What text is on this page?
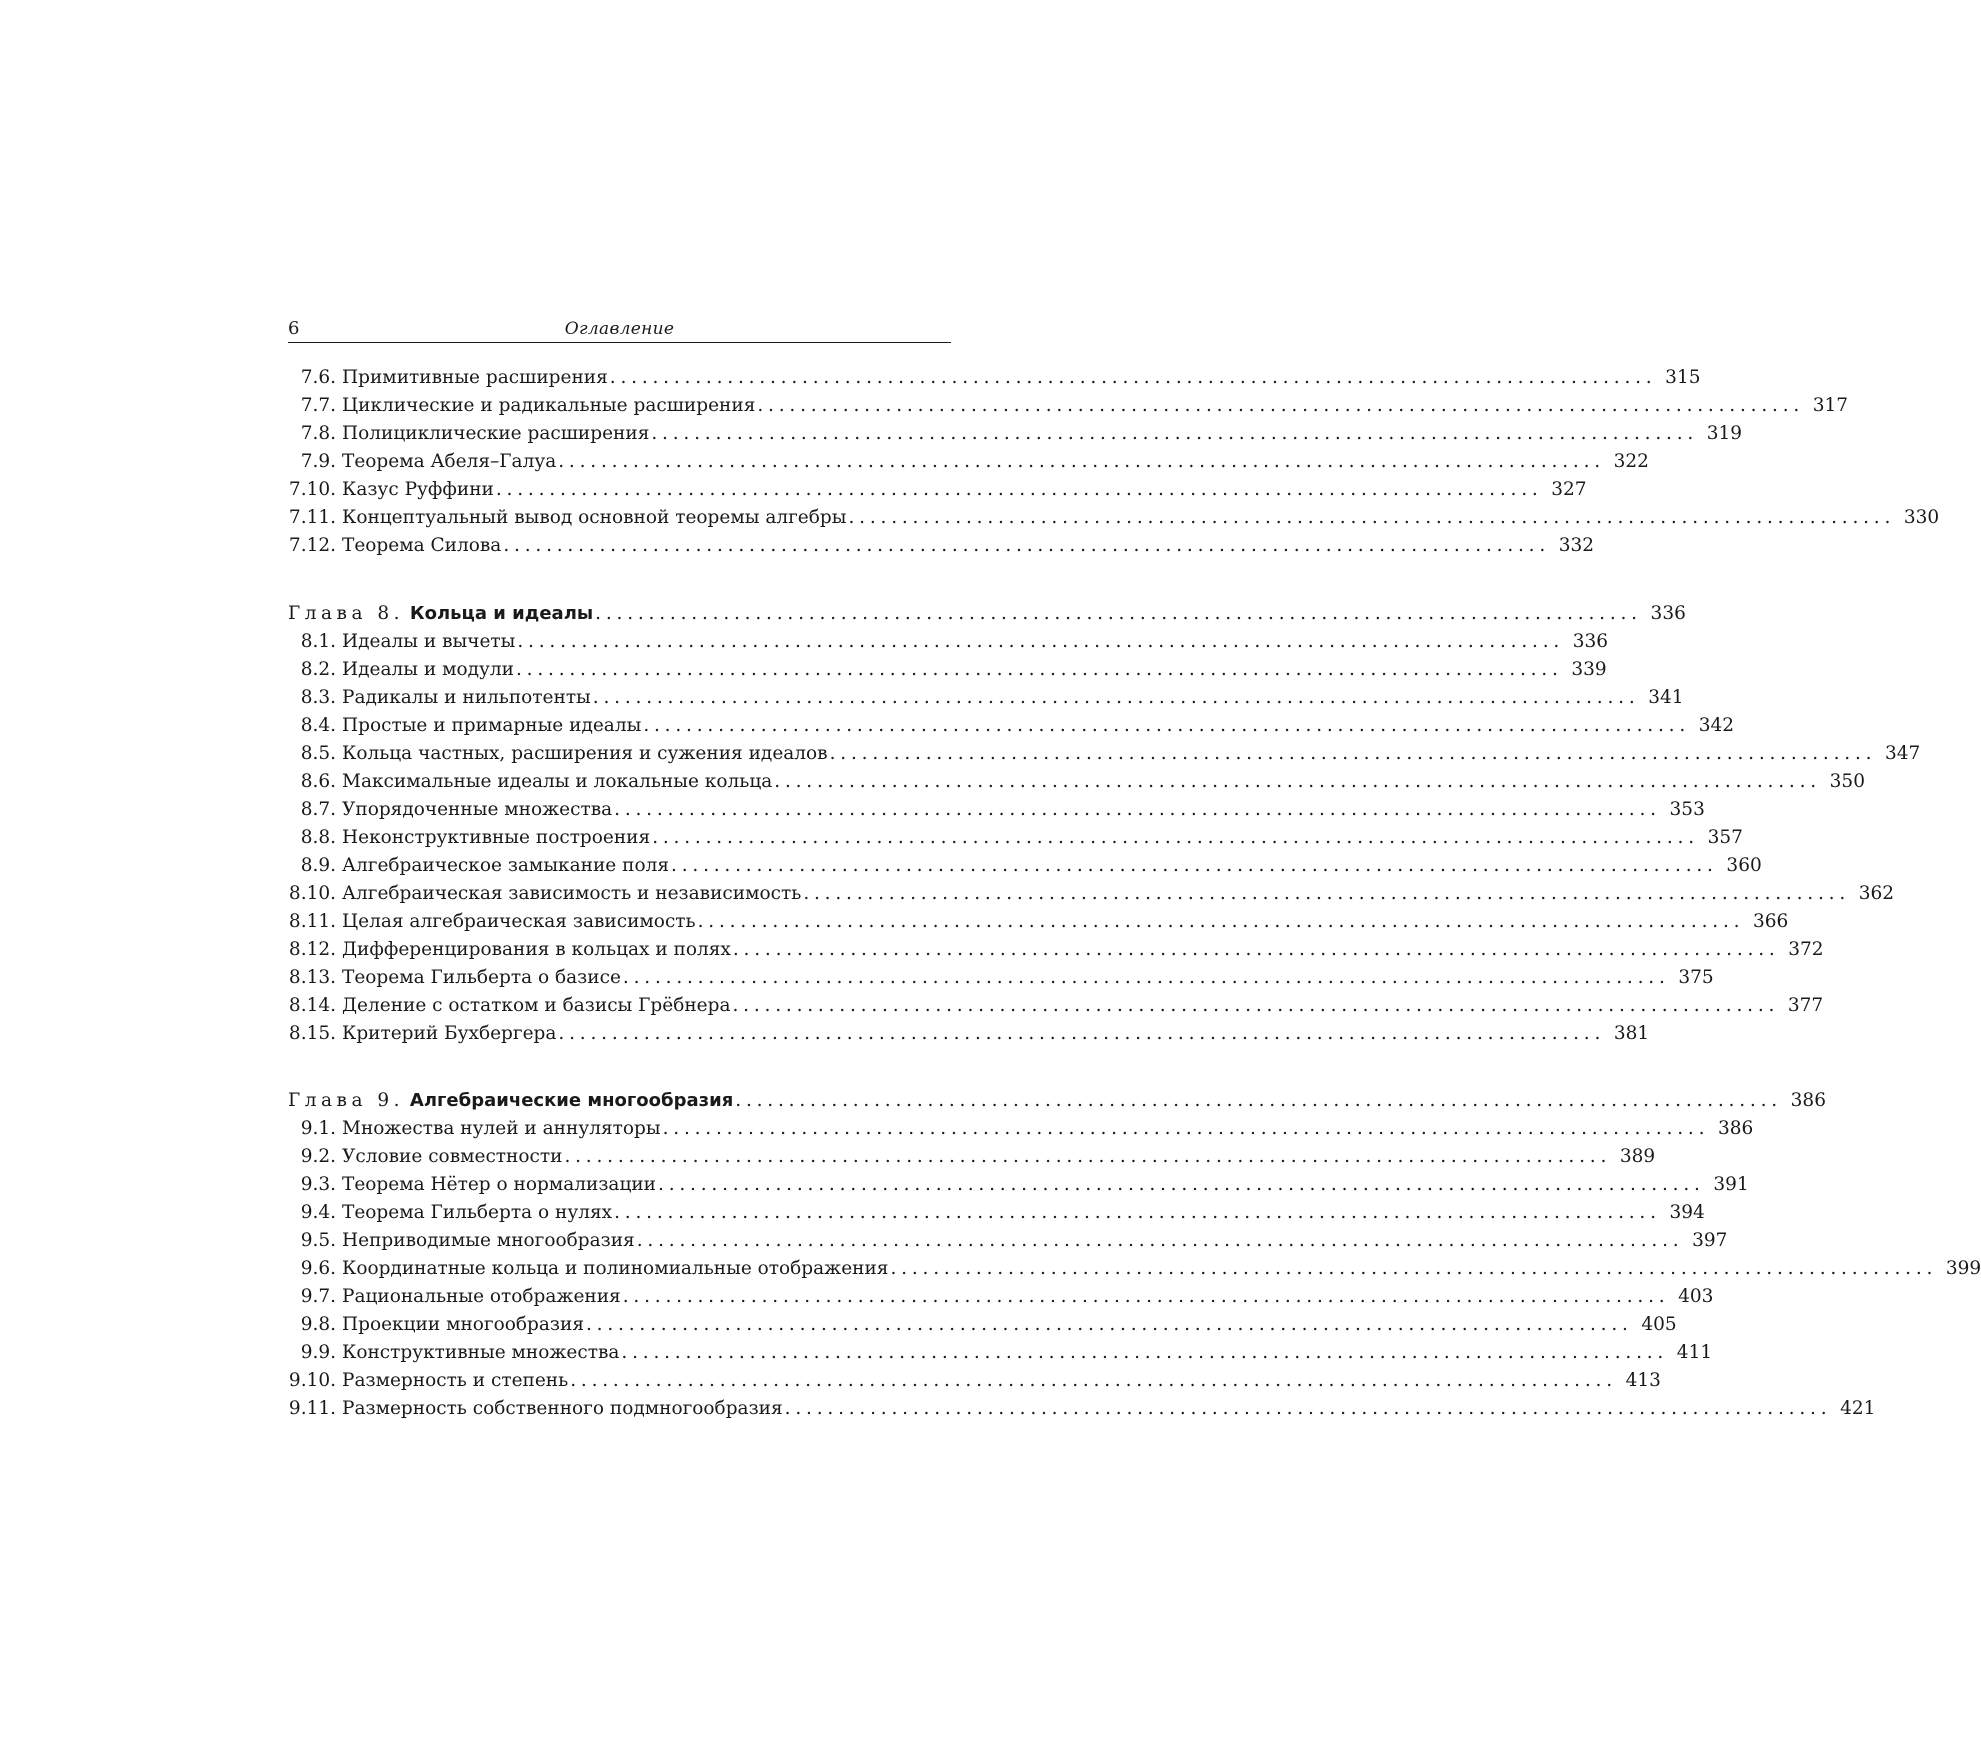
6	Оглавление
7.6. Примитивные расширения .................................................................................................. 315
7.7. Циклические и радикальные расширения .................................................................................................. 317
7.8. Полициклические расширения .................................................................................................. 319
7.9. Теорема Абеля–Галуа .................................................................................................. 322
7.10. Казус Руффини .................................................................................................. 327
7.11. Концептуальный вывод основной теоремы алгебры .................................................................................................. 330
7.12. Теорема Силова .................................................................................................. 332
Глава 8. Кольца и идеалы .................................................................................................. 336
8.1. Идеалы и вычеты .................................................................................................. 336
8.2. Идеалы и модули .................................................................................................. 339
8.3. Радикалы и нильпотенты .................................................................................................. 341
8.4. Простые и примарные идеалы .................................................................................................. 342
8.5. Кольца частных, расширения и сужения идеалов .................................................................................................. 347
8.6. Максимальные идеалы и локальные кольца .................................................................................................. 350
8.7. Упорядоченные множества .................................................................................................. 353
8.8. Неконструктивные построения .................................................................................................. 357
8.9. Алгебраическое замыкание поля .................................................................................................. 360
8.10. Алгебраическая зависимость и независимость .................................................................................................. 362
8.11. Целая алгебраическая зависимость .................................................................................................. 366
8.12. Дифференцирования в кольцах и полях .................................................................................................. 372
8.13. Теорема Гильберта о базисе .................................................................................................. 375
8.14. Деление с остатком и базисы Грёбнера .................................................................................................. 377
8.15. Критерий Бухбергера .................................................................................................. 381
Глава 9. Алгебраические многообразия .................................................................................................. 386
9.1. Множества нулей и аннуляторы .................................................................................................. 386
9.2. Условие совместности .................................................................................................. 389
9.3. Теорема Нётер о нормализации .................................................................................................. 391
9.4. Теорема Гильберта о нулях .................................................................................................. 394
9.5. Неприводимые многообразия .................................................................................................. 397
9.6. Координатные кольца и полиномиальные отображения .................................................................................................. 399
9.7. Рациональные отображения .................................................................................................. 403
9.8. Проекции многообразия .................................................................................................. 405
9.9. Конструктивные множества .................................................................................................. 411
9.10. Размерность и степень .................................................................................................. 413
9.11. Размерность собственного подмногообразия .................................................................................................. 421
